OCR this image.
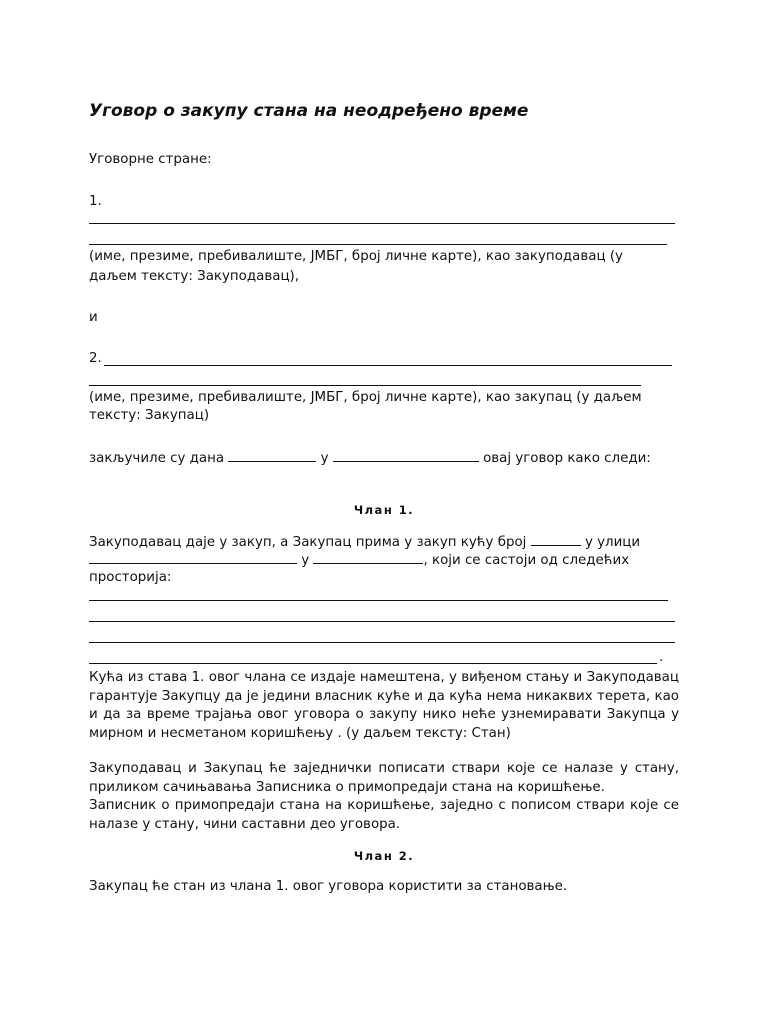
Уговор о закупу стана на неодређено време
Уговорне стране:
1.
(име, презиме, пребивалиште, ЈМБГ, број личне карте), као закуподавац (у
даљем тексту: Закуподавац),
и
2.
(име, презиме, пребивалиште, ЈМБГ, број личне карте), као закупац (у даљем
тексту: Закупац)
закључиле су дана	у	овај уговор како следи:
Члан 1.
Закуподавац даје у закуп, а Закупац прима у закуп кућу број	у улици
у	, који се састоји од следећих
просторија:
.
Кућа из става 1. овог члана се издаје намештена, у виђеном стању и Закуподавац гарантује Закупцу да је једини власник куће и да кућа нема никаквих терета, као и да за време трајања овог уговора о закупу нико неће узнемиравати Закупца у мирном и несметаном коришћењу . (у даљем тексту: Стан)
Закуподавац и Закупац ће заједнички пописати ствари које се налазе у стану, приликом сачињавања Записника о примопредаји стана на коришћење.
Записник о примопредаји стана на коришћење, заједно с пописом ствари које се налазе у стану, чини саставни део уговора.
Члан 2.
Закупац ће стан из члана 1. овог уговора користити за становање.
